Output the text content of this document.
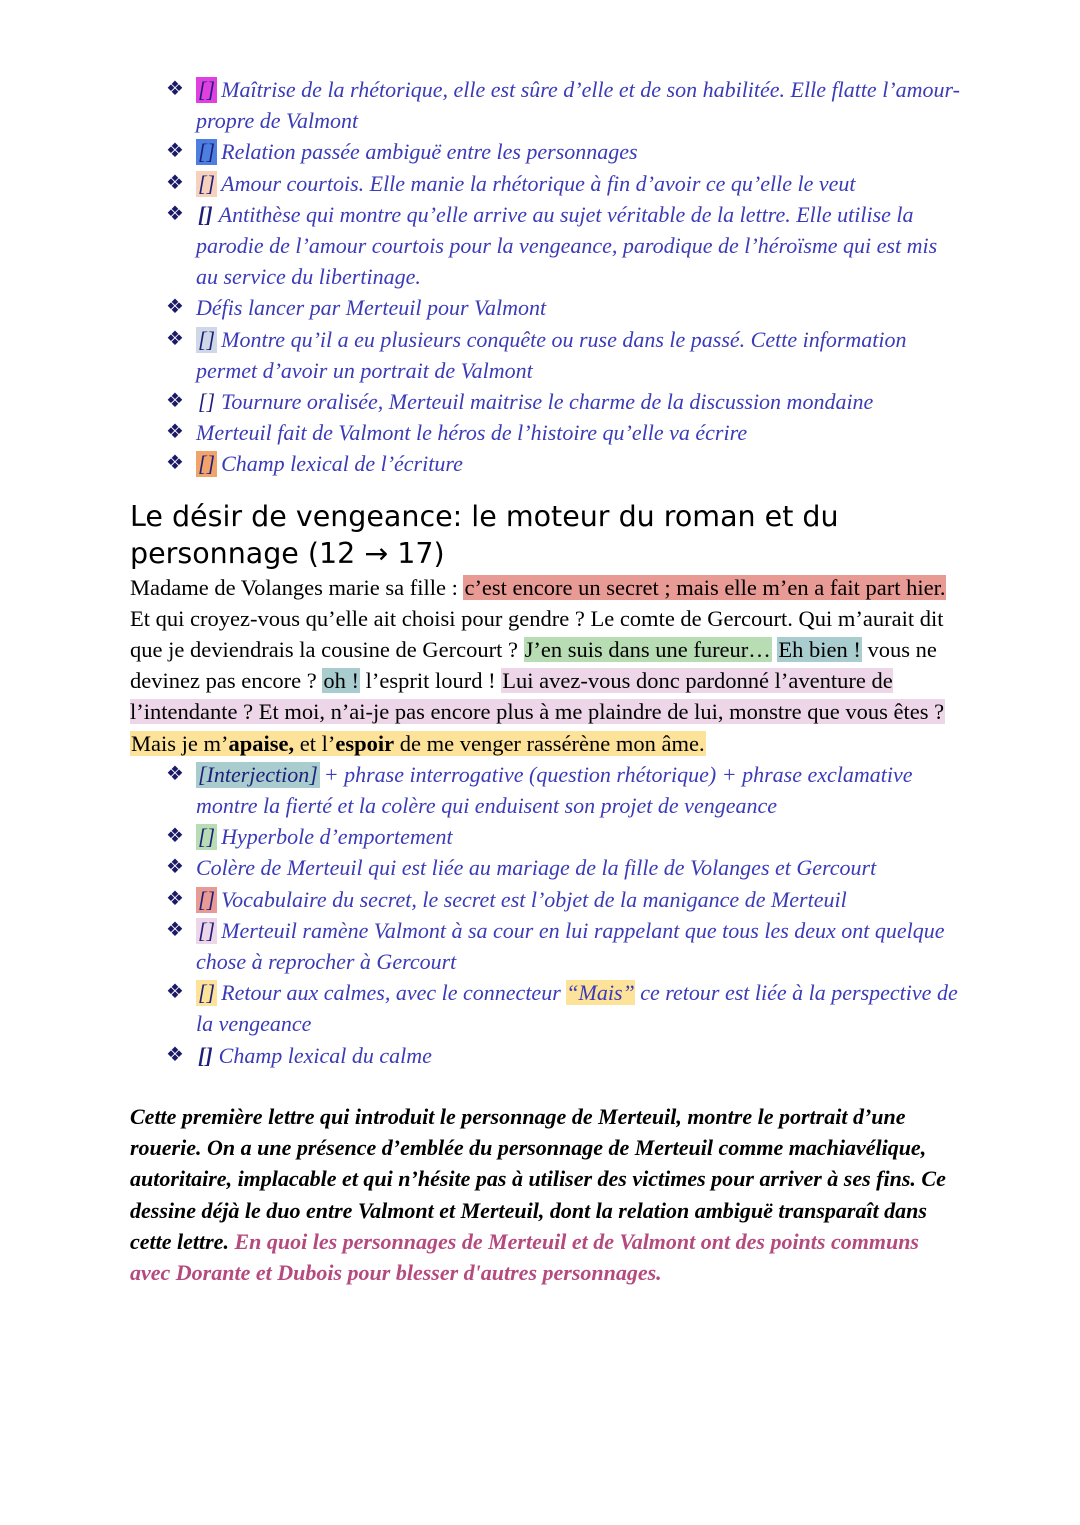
❖ [] Maîtrise de la rhétorique, elle est sûre d’elle et de son habilitée. Elle flatte l’amour-propre de Valmont
❖ [] Relation passée ambiguë entre les personnages
❖ [] Amour courtois. Elle manie la rhétorique à fin d’avoir ce qu’elle le veut
❖ [] Antithèse qui montre qu’elle arrive au sujet véritable de la lettre. Elle utilise la parodie de l’amour courtois pour la vengeance, parodique de l’héroïsme qui est mis au service du libertinage.
❖ Défis lancer par Merteuil pour Valmont
❖ [] Montre qu’il a eu plusieurs conquête ou ruse dans le passé. Cette information permet d’avoir un portrait de Valmont
❖ [] Tournure oralisée, Merteuil maitrise le charme de la discussion mondaine
❖ Merteuil fait de Valmont le héros de l’histoire qu’elle va écrire
❖ [] Champ lexical de l’écriture
Le désir de vengeance: le moteur du roman et du personnage (12 → 17)

Madame de Volanges marie sa fille : c’est encore un secret ; mais elle m’en a fait part hier. Et qui croyez-vous qu’elle ait choisi pour gendre ? Le comte de Gercourt. Qui m’aurait dit que je deviendrais la cousine de Gercourt ? J’en suis dans une fureur… Eh bien ! vous ne devinez pas encore ? oh ! l’esprit lourd ! Lui avez-vous donc pardonné l’aventure de l’intendante ? Et moi, n’ai-je pas encore plus à me plaindre de lui, monstre que vous êtes ? Mais je m’apaise, et l’espoir de me venger rassérène mon âme.

❖ [Interjection] + phrase interrogative (question rhétorique) + phrase exclamative montre la fierté et la colère qui enduisent son projet de vengeance
❖ [] Hyperbole d’emportement
❖ Colère de Merteuil qui est liée au mariage de la fille de Volanges et Gercourt
❖ [] Vocabulaire du secret, le secret est l’objet de la manigance de Merteuil
❖ [] Merteuil ramène Valmont à sa cour en lui rappelant que tous les deux ont quelque chose à reprocher à Gercourt
❖ [] Retour aux calmes, avec le connecteur “Mais” ce retour est liée à la perspective de la vengeance
❖ [] Champ lexical du calme

Cette première lettre qui introduit le personnage de Merteuil, montre le portrait d’une rouerie. On a une présence d’emblée du personnage de Merteuil comme machiavélique, autoritaire, implacable et qui n’hésite pas à utiliser des victimes pour arriver à ses fins. Ce dessine déjà le duo entre Valmont et Merteuil, dont la relation ambiguë transparaît dans cette lettre. En quoi les personnages de Merteuil et de Valmont ont des points communs avec Dorante et Dubois pour blesser d'autres personnages.
